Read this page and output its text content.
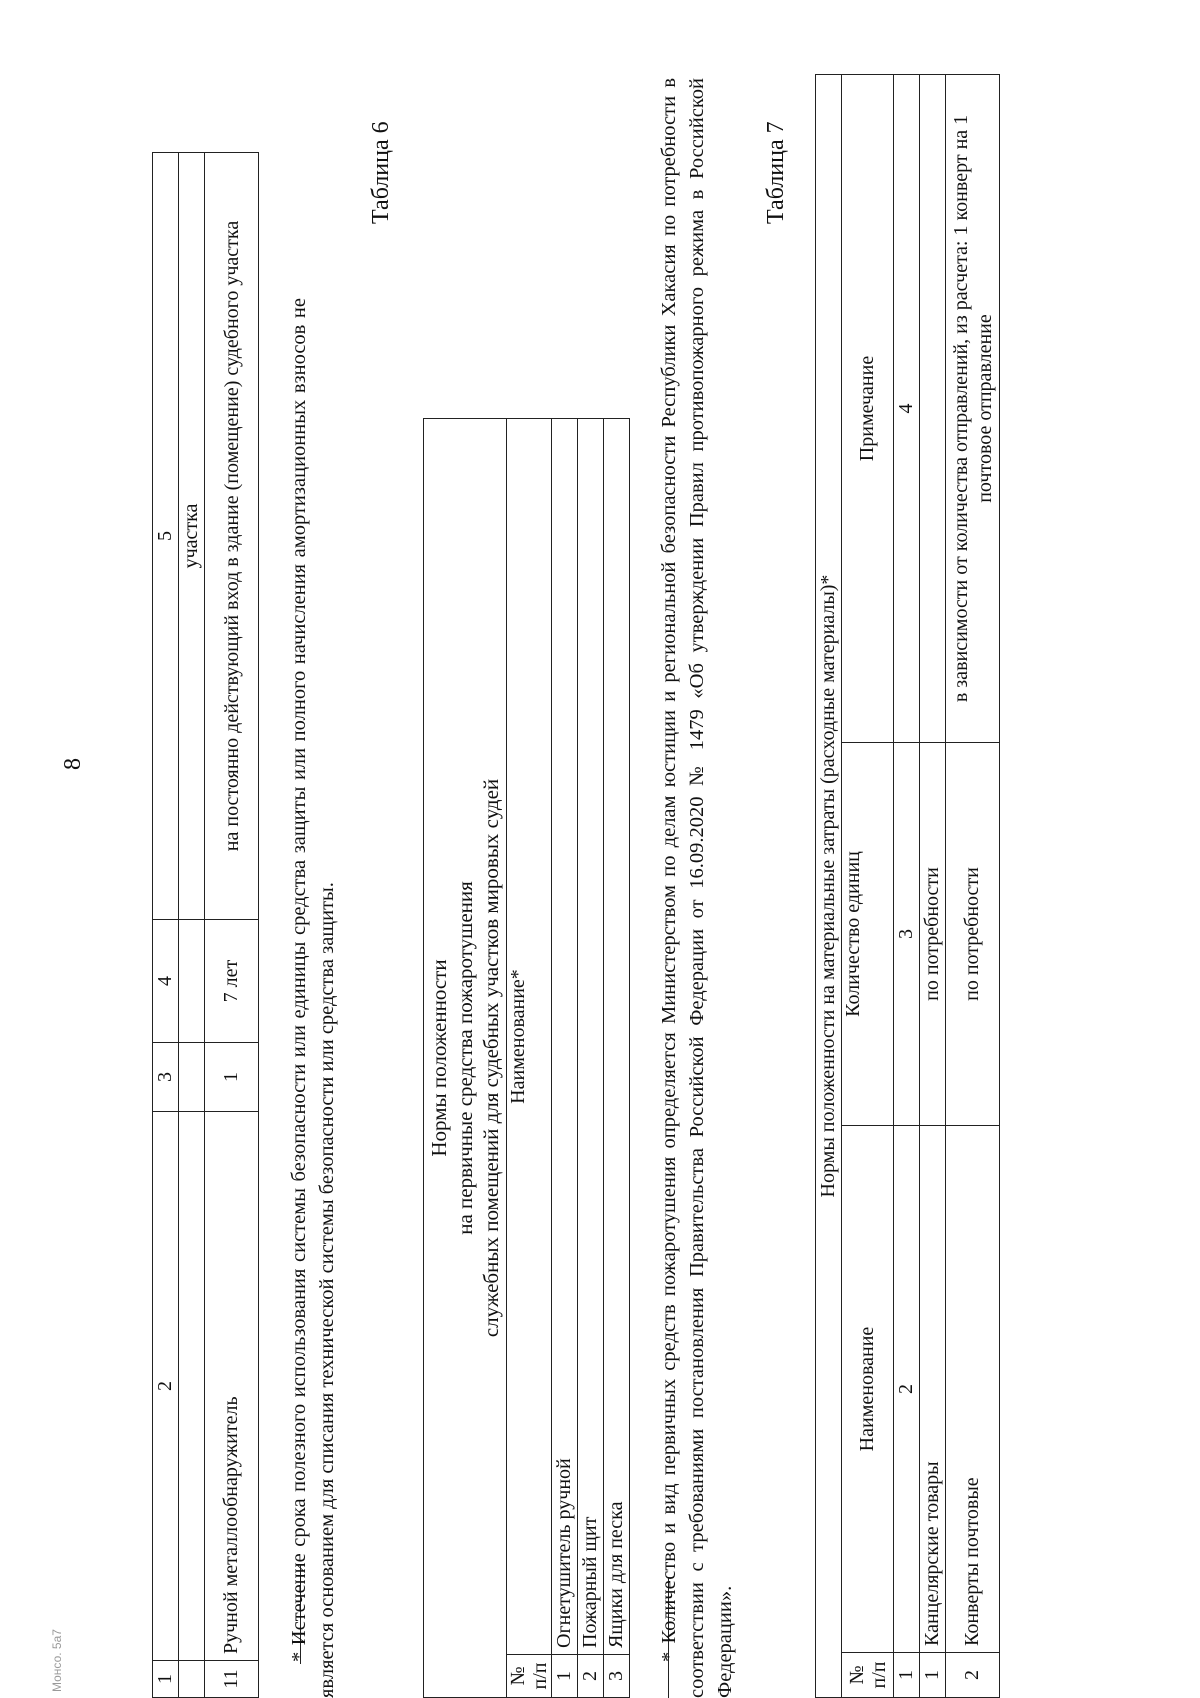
Монсо. 5а7
8
1	2	3	4	5
				участка
11	Ручной металлообнаружитель	1	7 лет	на постоянно действующий вход в здание (помещение) судебного участка * Истечение срока полезного использования системы безопасности или единицы средства защиты или полного начисления амортизационных взносов не является основанием для списания технической системы безопасности или средства защиты.
Таблица 6
Нормы положенности на первичные средства пожаротушения служебных помещений для судебных участков мировых судей	

№ п/п	Наименование*
1	Огнетушитель ручной
2	Пожарный щит
3	Ящики для песка * Количество и вид первичных средств пожаротушения определяется Министерством по делам юстиции и региональной безопасности Республики Хакасия по потребности в соответствии с требованиями постановления Правительства Российской Федерации от 16.09.2020 № 1479 «Об утверждении Правил противопожарного режима в Российской Федерации».
Таблица 7
Нормы положенности на материальные затраты (расходные материалы)*			
№ п/п	Наименование	Количество единиц	Примечание
1	2	3	4
1	Канцелярские товары	по потребности	
2	Конверты почтовые	по потребности	в зависимости от количества отправлений, из расчета: 1 конверт на 1 почтовое отправление
